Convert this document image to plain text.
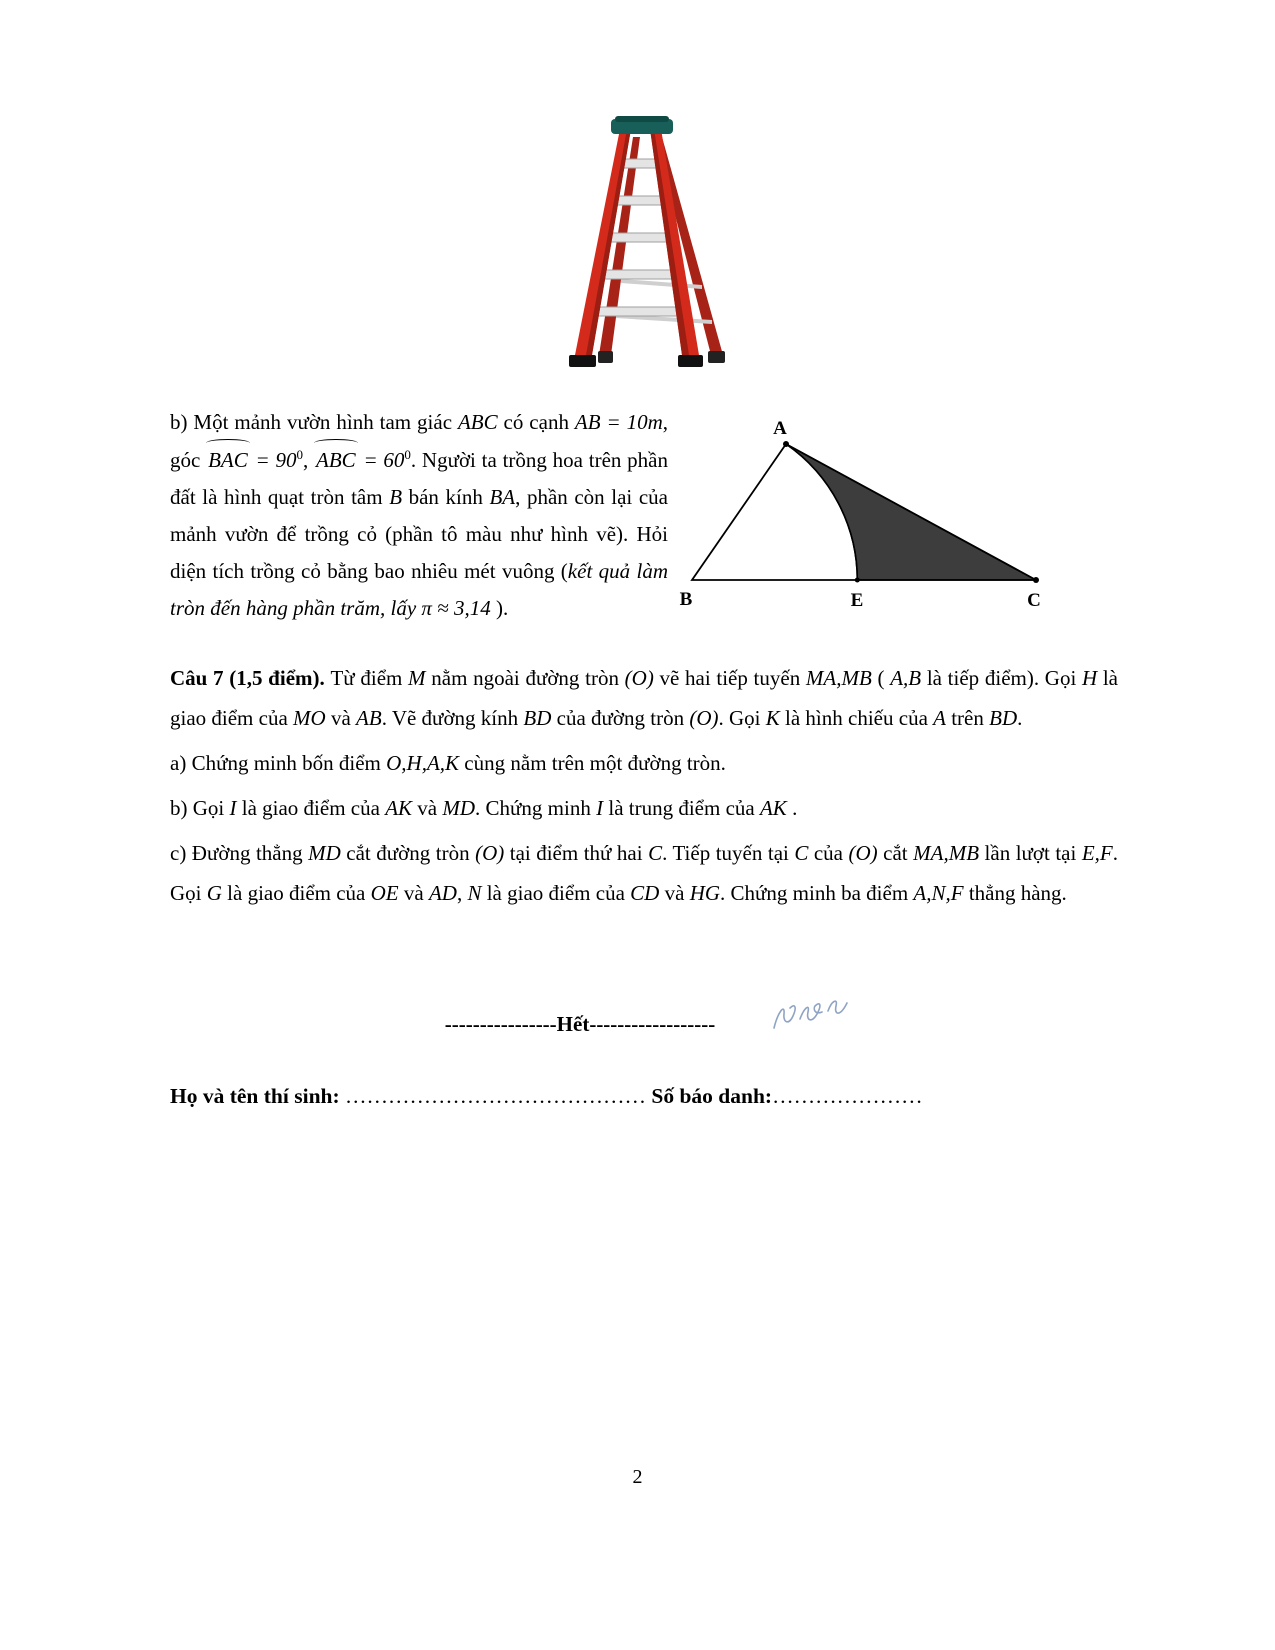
b) Một mảnh vườn hình tam giác ABC có cạnh AB = 10m, góc BAC = $90^0$, ABC = $60^0$. Người ta trồng hoa trên phần đất là hình quạt tròn tâm B bán kính BA, phần còn lại của mảnh vườn để trồng cỏ (phần tô màu như hình vẽ). Hỏi diện tích trồng cỏ bằng bao nhiêu mét vuông (kết quả làm tròn đến hàng phần trăm, lấy π ≈ 3,14 ).

A
B	E	C

Câu 7 (1,5 điểm). Từ điểm M nằm ngoài đường tròn (O) vẽ hai tiếp tuyến MA,MB ( A,B là tiếp điểm). Gọi H là giao điểm của MO và AB. Vẽ đường kính BD của đường tròn (O). Gọi K là hình chiếu của A trên BD.

a) Chứng minh bốn điểm O,H,A,K cùng nằm trên một đường tròn.

b) Gọi I là giao điểm của AK và MD. Chứng minh I là trung điểm của AK .

c) Đường thẳng MD cắt đường tròn (O) tại điểm thứ hai C. Tiếp tuyến tại C của (O) cắt MA,MB lần lượt tại E,F. Gọi G là giao điểm của OE và AD, N là giao điểm của CD và HG. Chứng minh ba điểm A,N,F thẳng hàng.

----------------Hết------------------

Họ và tên thí sinh: …………………………………… Số báo danh:…………………

2
